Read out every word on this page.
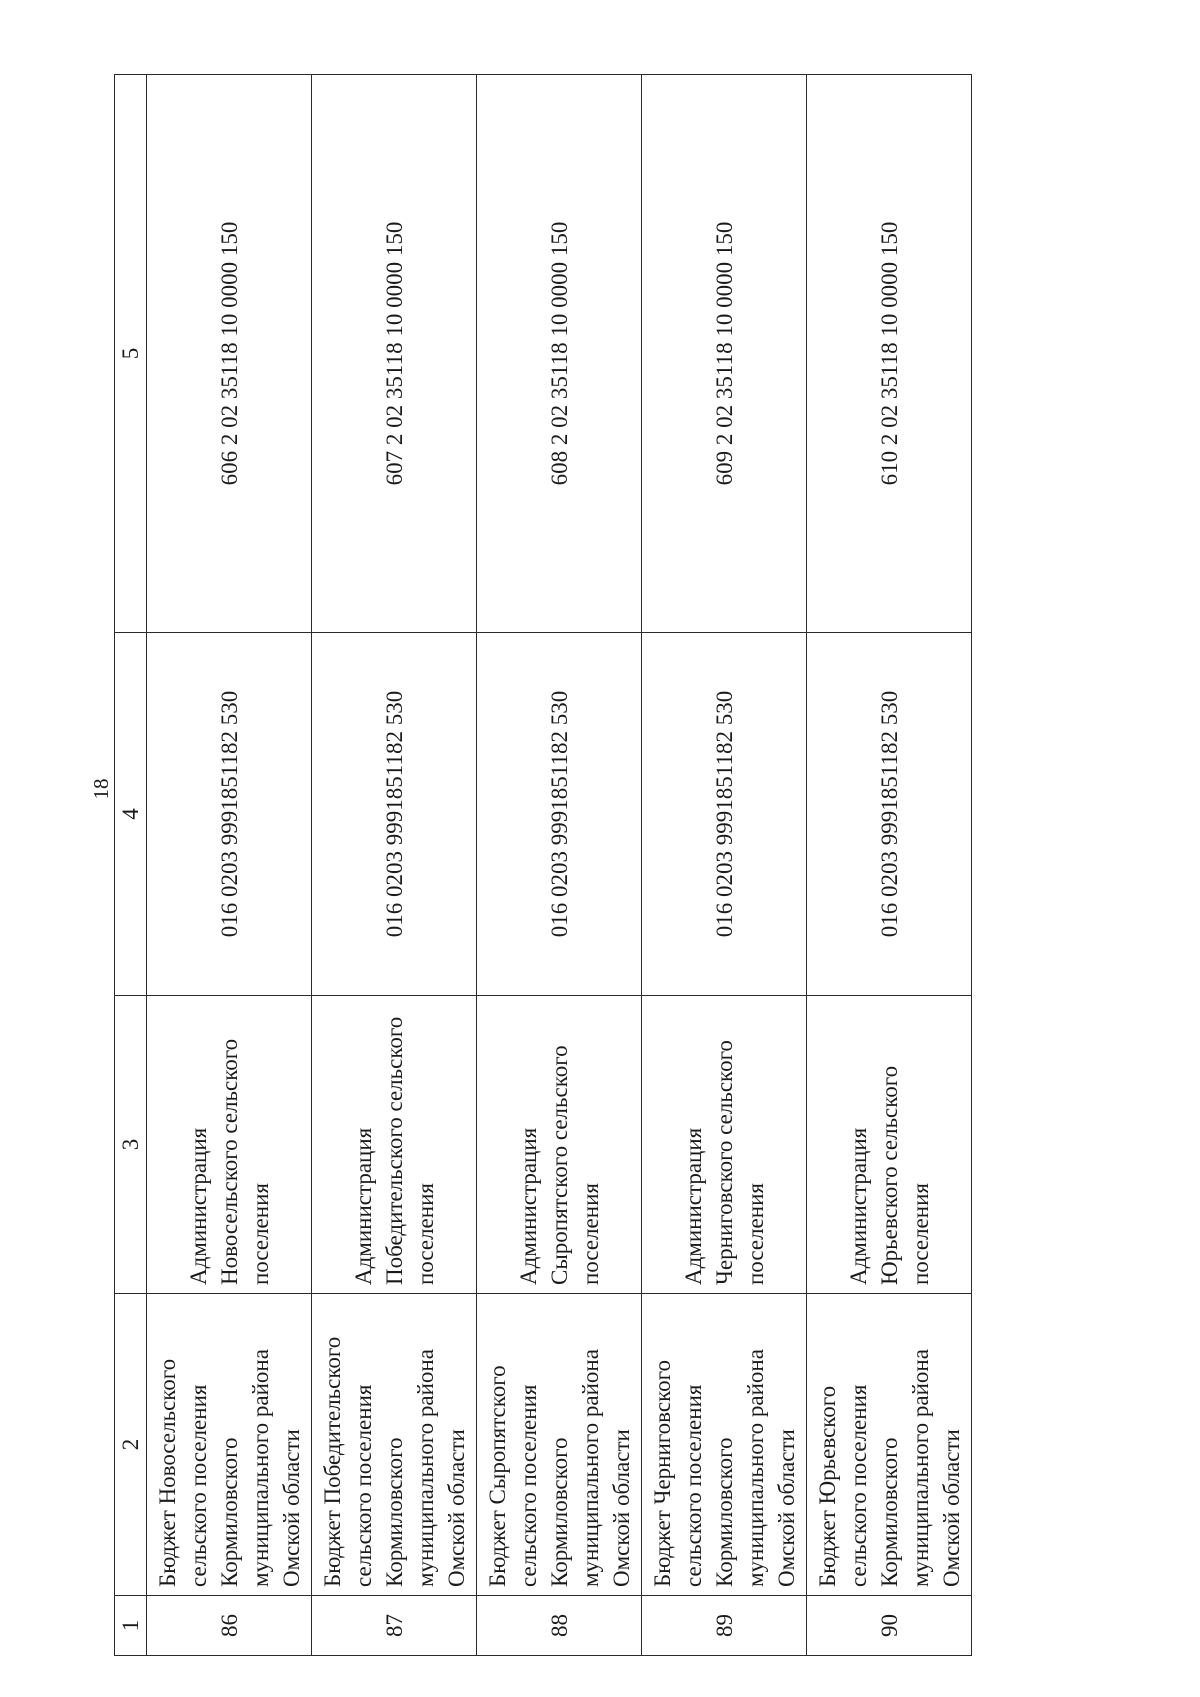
18
1	2	3	4	5
86	Бюджет Новосельского сельского поселения Кормиловского муниципального района Омской области	Администрация Новосельского сельского поселения	016 0203 9991851182 530	606 2 02 35118 10 0000 150
87	Бюджет Победительского сельского поселения Кормиловского муниципального района Омской области	Администрация Победительского сельского поселения	016 0203 9991851182 530	607 2 02 35118 10 0000 150
88	Бюджет Сыропятского сельского поселения Кормиловского муниципального района Омской области	Администрация Сыропятского сельского поселения	016 0203 9991851182 530	608 2 02 35118 10 0000 150
89	Бюджет Черниговского сельского поселения Кормиловского муниципального района Омской области	Администрация Черниговского сельского поселения	016 0203 9991851182 530	609 2 02 35118 10 0000 150
90	Бюджет Юрьевского сельского поселения Кормиловского муниципального района Омской области	Администрация Юрьевского сельского поселения	016 0203 9991851182 530	610 2 02 35118 10 0000 150
